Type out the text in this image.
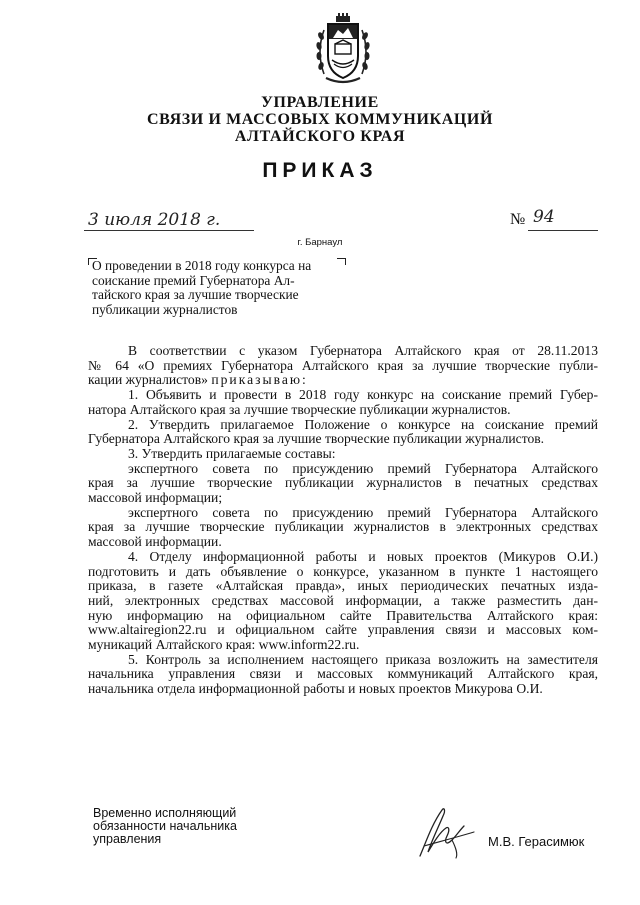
УПРАВЛЕНИЕ
СВЯЗИ И МАССОВЫХ КОММУНИКАЦИЙ
АЛТАЙСКОГО КРАЯ
ПРИКАЗ
3 июля 2018 г.	№ 94
г. Барнаул
О проведении в 2018 году конкурса на
соискание премий Губернатора Ал-
тайского края за лучшие творческие
публикации журналистов
В соответствии с указом Губернатора Алтайского края от 28.11.2013
№ 64 «О премиях Губернатора Алтайского края за лучшие творческие публи-
кации журналистов» приказываю:
1. Объявить и провести в 2018 году конкурс на соискание премий Губер-
натора Алтайского края за лучшие творческие публикации журналистов.
2. Утвердить прилагаемое Положение о конкурсе на соискание премий
Губернатора Алтайского края за лучшие творческие публикации журналистов.
3. Утвердить прилагаемые составы:
экспертного совета по присуждению премий Губернатора Алтайского
края за лучшие творческие публикации журналистов в печатных средствах
массовой информации;
экспертного совета по присуждению премий Губернатора Алтайского
края за лучшие творческие публикации журналистов в электронных средствах
массовой информации.
4. Отделу информационной работы и новых проектов (Микуров О.И.)
подготовить и дать объявление о конкурсе, указанном в пункте 1 настоящего
приказа, в газете «Алтайская правда», иных периодических печатных изда-
ний, электронных средствах массовой информации, а также разместить дан-
ную информацию на официальном сайте Правительства Алтайского края:
www.altairegion22.ru и официальном сайте управления связи и массовых ком-
муникаций Алтайского края: www.inform22.ru.
5. Контроль за исполнением настоящего приказа возложить на заместителя
начальника управления связи и массовых коммуникаций Алтайского края,
начальника отдела информационной работы и новых проектов Микурова О.И.
Временно исполняющий
обязанности начальника
управления	М.В. Герасимюк
